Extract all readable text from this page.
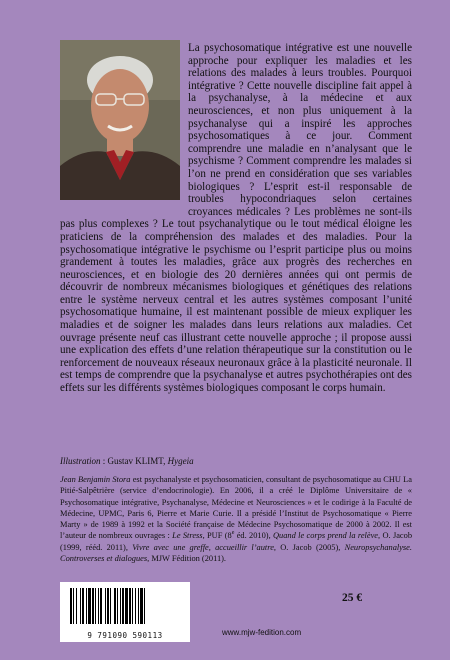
La psychosomatique intégrative est une nouvelle approche pour expliquer les maladies et les relations des malades à leurs troubles. Pourquoi intégrative ? Cette nouvelle discipline fait appel à la psychanalyse, à la médecine et aux neurosciences, et non plus uniquement à la psychanalyse qui a inspiré les approches psychosomatiques à ce jour. Comment comprendre une maladie en n’analysant que le psychisme ? Comment comprendre les malades si l’on ne prend en considération que ses variables biologiques ? L’esprit est-il responsable de troubles hypocondriaques selon certaines croyances médicales ? Les problèmes ne sont-ils pas plus complexes ? Le tout psychanalytique ou le tout médical éloigne les praticiens de la compréhension des malades et des maladies. Pour la psychosomatique intégrative le psychisme ou l’esprit participe plus ou moins grandement à toutes les maladies, grâce aux progrès des recherches en neurosciences, et en biologie des 20 dernières années qui ont permis de découvrir de nombreux mécanismes biologiques et génétiques des relations entre le système nerveux central et les autres systèmes composant l’unité psychosomatique humaine, il est maintenant possible de mieux expliquer les maladies et de soigner les malades dans leurs relations aux maladies. Cet ouvrage présente neuf cas illustrant cette nouvelle approche ; il propose aussi une explication des effets d’une relation thérapeutique sur la constitution ou le renforcement de nouveaux réseaux neuronaux grâce à la plasticité neuronale. Il est temps de comprendre que la psychanalyse et autres psychothérapies ont des effets sur les différents systèmes biologiques composant le corps humain.

Illustration : Gustav KLIMT, Hygeia

Jean Benjamin Stora est psychanalyste et psychosomaticien, consultant de psychosomatique au CHU La Pitié-Salpêtrière (service d’endocrinologie). En 2006, il a créé le Diplôme Universitaire de « Psychosomatique intégrative, Psychanalyse, Médecine et Neurosciences » et le codirige à la Faculté de Médecine, UPMC, Paris 6, Pierre et Marie Curie. Il a présidé l’Institut de Psychosomatique « Pierre Marty » de 1989 à 1992 et la Société française de Médecine Psychosomatique de 2000 à 2002. Il est l’auteur de nombreux ouvrages : Le Stress, PUF (8e éd. 2010), Quand le corps prend la relève, O. Jacob (1999, rééd. 2011), Vivre avec une greffe, accueillir l’autre, O. Jacob (2005), Neuropsychanalyse. Controverses et dialogues, MJW Fédition (2011).

25 €
9 791090 590113	www.mjw-fedition.com
